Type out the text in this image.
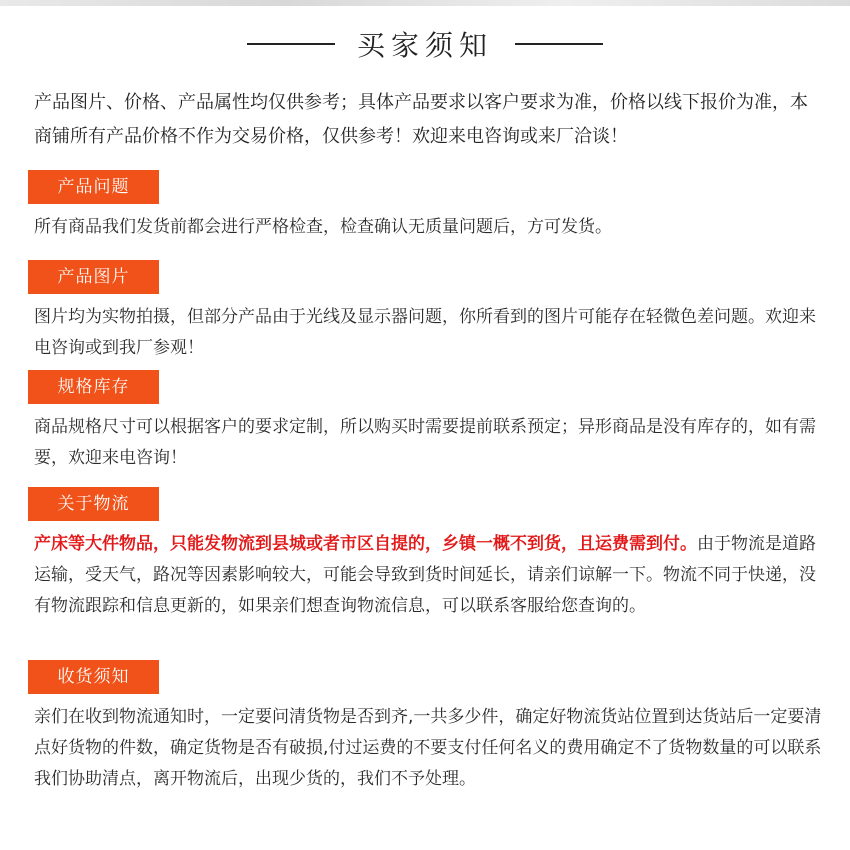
买家须知
产品图片、价格、产品属性均仅供参考；具体产品要求以客户要求为准，价格以线下报价为准，本商铺所有产品价格不作为交易价格，仅供参考！欢迎来电咨询或来厂洽谈！
产品问题
所有商品我们发货前都会进行严格检查，检查确认无质量问题后，方可发货。
产品图片
图片均为实物拍摄，但部分产品由于光线及显示器问题，你所看到的图片可能存在轻微色差问题。欢迎来电咨询或到我厂参观！
规格库存
商品规格尺寸可以根据客户的要求定制，所以购买时需要提前联系预定；异形商品是没有库存的，如有需要，欢迎来电咨询！
关于物流
产床等大件物品，只能发物流到县城或者市区自提的，乡镇一概不到货，且运费需到付。由于物流是道路运输，受天气，路况等因素影响较大，可能会导致到货时间延长，请亲们谅解一下。物流不同于快递，没有物流跟踪和信息更新的，如果亲们想查询物流信息，可以联系客服给您查询的。
收货须知
亲们在收到物流通知时，一定要问清货物是否到齐,一共多少件，确定好物流货站位置到达货站后一定要清 点好货物的件数，确定货物是否有破损,付过运费的不要支付任何名义的费用确定不了货物数量的可以联系我们协助清点，离开物流后，出现少货的，我们不予处理。
